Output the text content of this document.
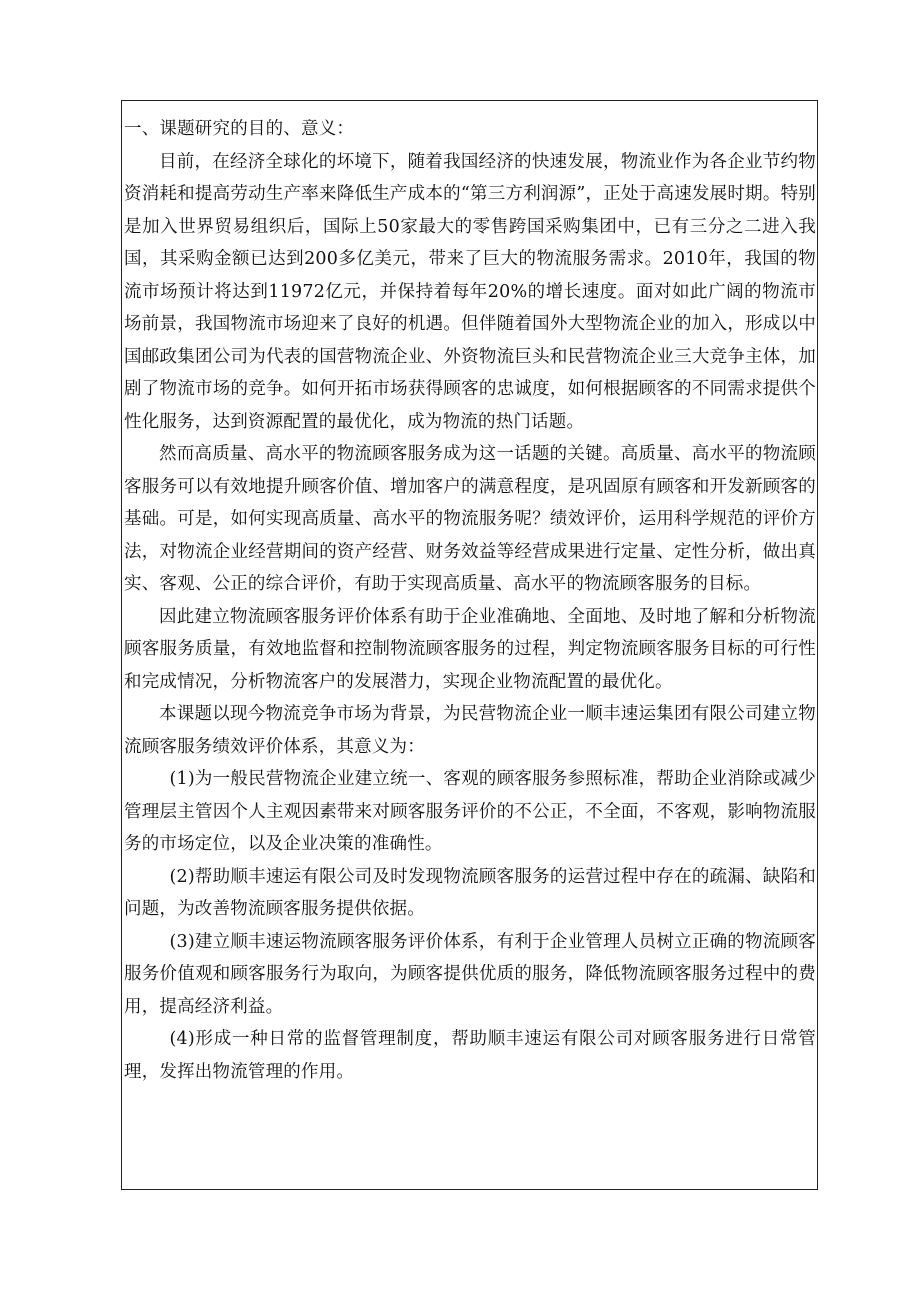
一、课题研究的目的、意义：

目前，在经济全球化的坏境下，随着我国经济的快速发展，物流业作为各企业节约物资消耗和提高劳动生产率来降低生产成本的“第三方利润源”，正处于高速发展时期。特别是加入世界贸易组织后，国际上50家最大的零售跨国采购集团中，已有三分之二进入我国，其采购金额已达到200多亿美元，带来了巨大的物流服务需求。2010年，我国的物流市场预计将达到11972亿元，并保持着每年20%的增长速度。面对如此广阔的物流市场前景，我国物流市场迎来了良好的机遇。但伴随着国外大型物流企业的加入，形成以中国邮政集团公司为代表的国营物流企业、外资物流巨头和民营物流企业三大竞争主体，加剧了物流市场的竞争。如何开拓市场获得顾客的忠诚度，如何根据顾客的不同需求提供个性化服务，达到资源配置的最优化，成为物流的热门话题。

然而高质量、高水平的物流顾客服务成为这一话题的关键。高质量、高水平的物流顾客服务可以有效地提升顾客价值、增加客户的满意程度，是巩固原有顾客和开发新顾客的基础。可是，如何实现高质量、高水平的物流服务呢？绩效评价，运用科学规范的评价方法，对物流企业经营期间的资产经营、财务效益等经营成果进行定量、定性分析，做出真实、客观、公正的综合评价，有助于实现高质量、高水平的物流顾客服务的目标。

因此建立物流顾客服务评价体系有助于企业准确地、全面地、及时地了解和分析物流顾客服务质量，有效地监督和控制物流顾客服务的过程，判定物流顾客服务目标的可行性和完成情况，分析物流客户的发展潜力，实现企业物流配置的最优化。

本课题以现今物流竞争市场为背景，为民营物流企业一顺丰速运集团有限公司建立物流顾客服务绩效评价体系，其意义为：

(1)为一般民营物流企业建立统一、客观的顾客服务参照标准，帮助企业消除或减少管理层主管因个人主观因素带来对顾客服务评价的不公正，不全面，不客观，影响物流服务的市场定位，以及企业决策的准确性。

(2)帮助顺丰速运有限公司及时发现物流顾客服务的运营过程中存在的疏漏、缺陷和问题，为改善物流顾客服务提供依据。

(3)建立顺丰速运物流顾客服务评价体系，有利于企业管理人员树立正确的物流顾客服务价值观和顾客服务行为取向，为顾客提供优质的服务，降低物流顾客服务过程中的费用，提高经济利益。

(4)形成一种日常的监督管理制度，帮助顺丰速运有限公司对顾客服务进行日常管理，发挥出物流管理的作用。
